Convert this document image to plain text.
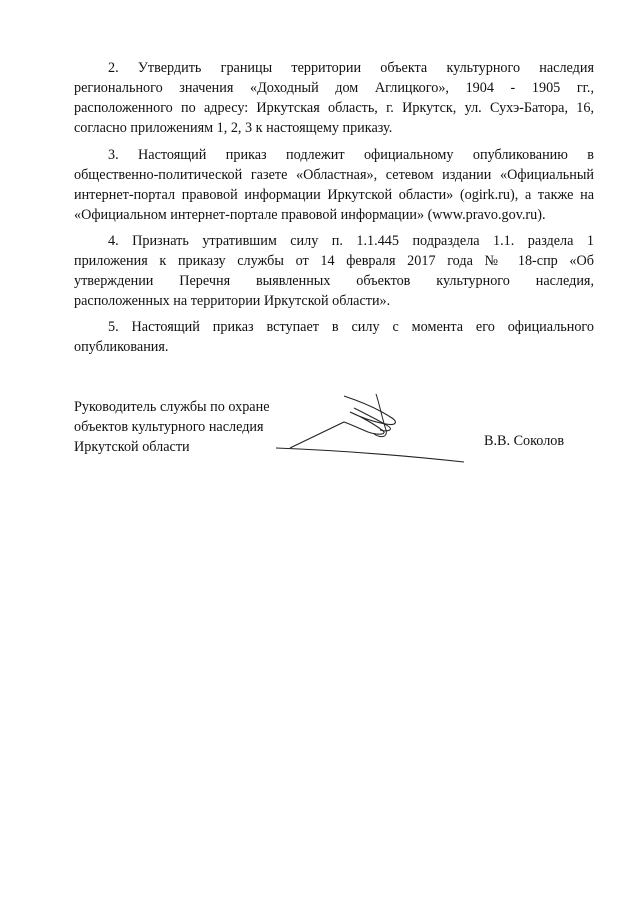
2. Утвердить границы территории объекта культурного наследия
регионального значения «Доходный дом Аглицкого», 1904 - 1905 гг.,
расположенного по адресу: Иркутская область, г. Иркутск, ул. Сухэ-Батора, 16,
согласно приложениям 1, 2, 3 к настоящему приказу.

3. Настоящий приказ подлежит официальному опубликованию в
общественно-политической газете «Областная», сетевом издании «Официальный
интернет-портал правовой информации Иркутской области» (ogirk.ru), а также на
«Официальном интернет-портале правовой информации» (www.pravo.gov.ru).

4. Признать утратившим силу п. 1.1.445 подраздела 1.1. раздела 1
приложения к приказу службы от 14 февраля 2017 года № 18-спр «Об
утверждении Перечня выявленных объектов культурного наследия,
расположенных на территории Иркутской области».

5. Настоящий приказ вступает в силу с момента его официального
опубликования.

Руководитель службы по охране
объектов культурного наследия
Иркутской области	В.В. Соколов
